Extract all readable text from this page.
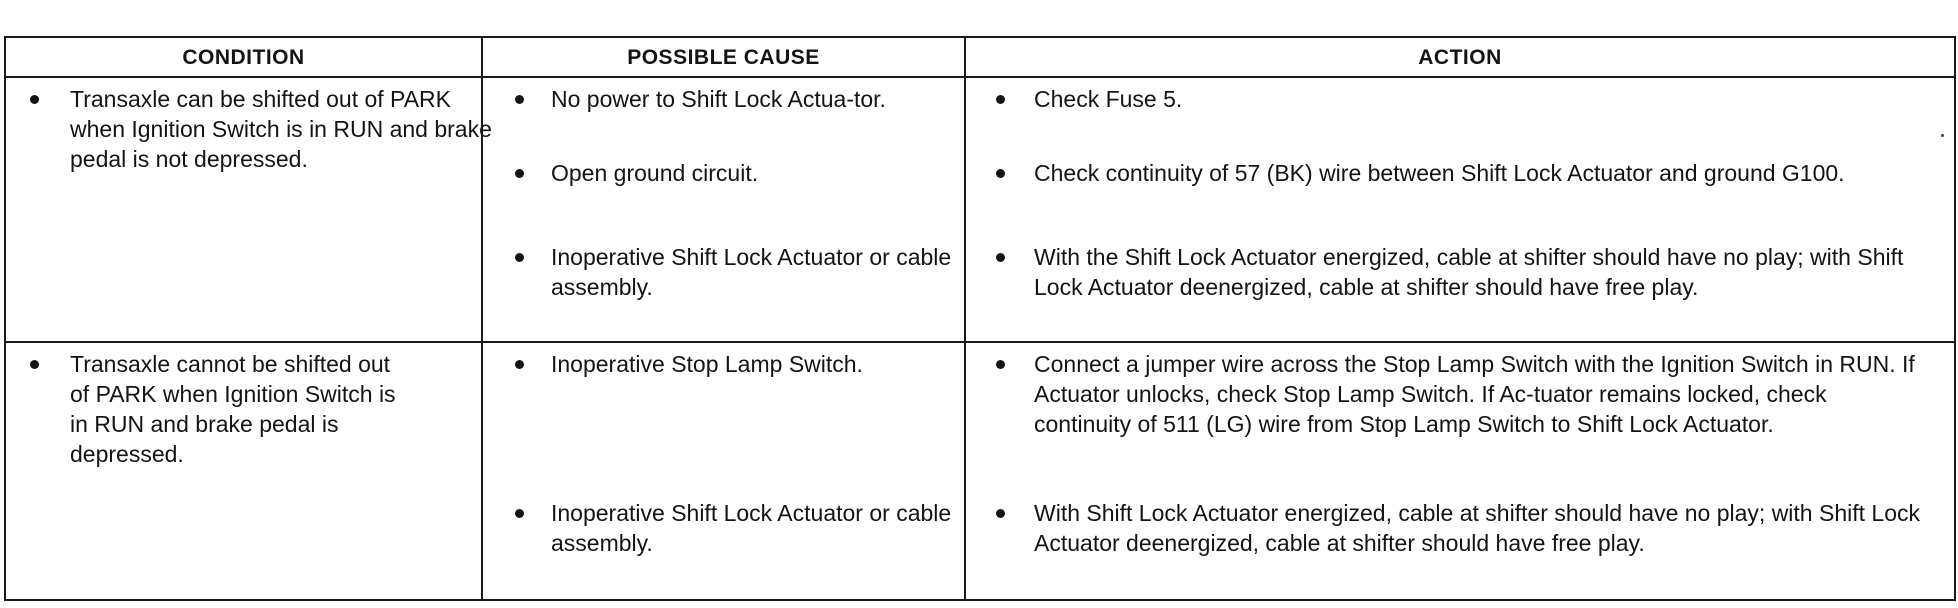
CONDITION	POSSIBLE CAUSE	ACTION
Transaxle can be shifted out of PARK when Ignition Switch is in RUN and brake pedal is not depressed.
No power to Shift Lock Actua-tor.
Open ground circuit.
Inoperative Shift Lock Actuator or cable assembly.
Check Fuse 5.
Check continuity of 57 (BK) wire between Shift Lock Actuator and ground G100.
With the Shift Lock Actuator energized, cable at shifter should have no play; with Shift Lock Actuator deenergized, cable at shifter should have free play.
Transaxle cannot be shifted out of PARK when Ignition Switch is in RUN and brake pedal is depressed.
Inoperative Stop Lamp Switch.
Inoperative Shift Lock Actuator or cable assembly.
Connect a jumper wire across the Stop Lamp Switch with the Ignition Switch in RUN. If Actuator unlocks, check Stop Lamp Switch. If Ac-tuator remains locked, check continuity of 511 (LG) wire from Stop Lamp Switch to Shift Lock Actuator.
With Shift Lock Actuator energized, cable at shifter should have no play; with Shift Lock Actuator deenergized, cable at shifter should have free play.
